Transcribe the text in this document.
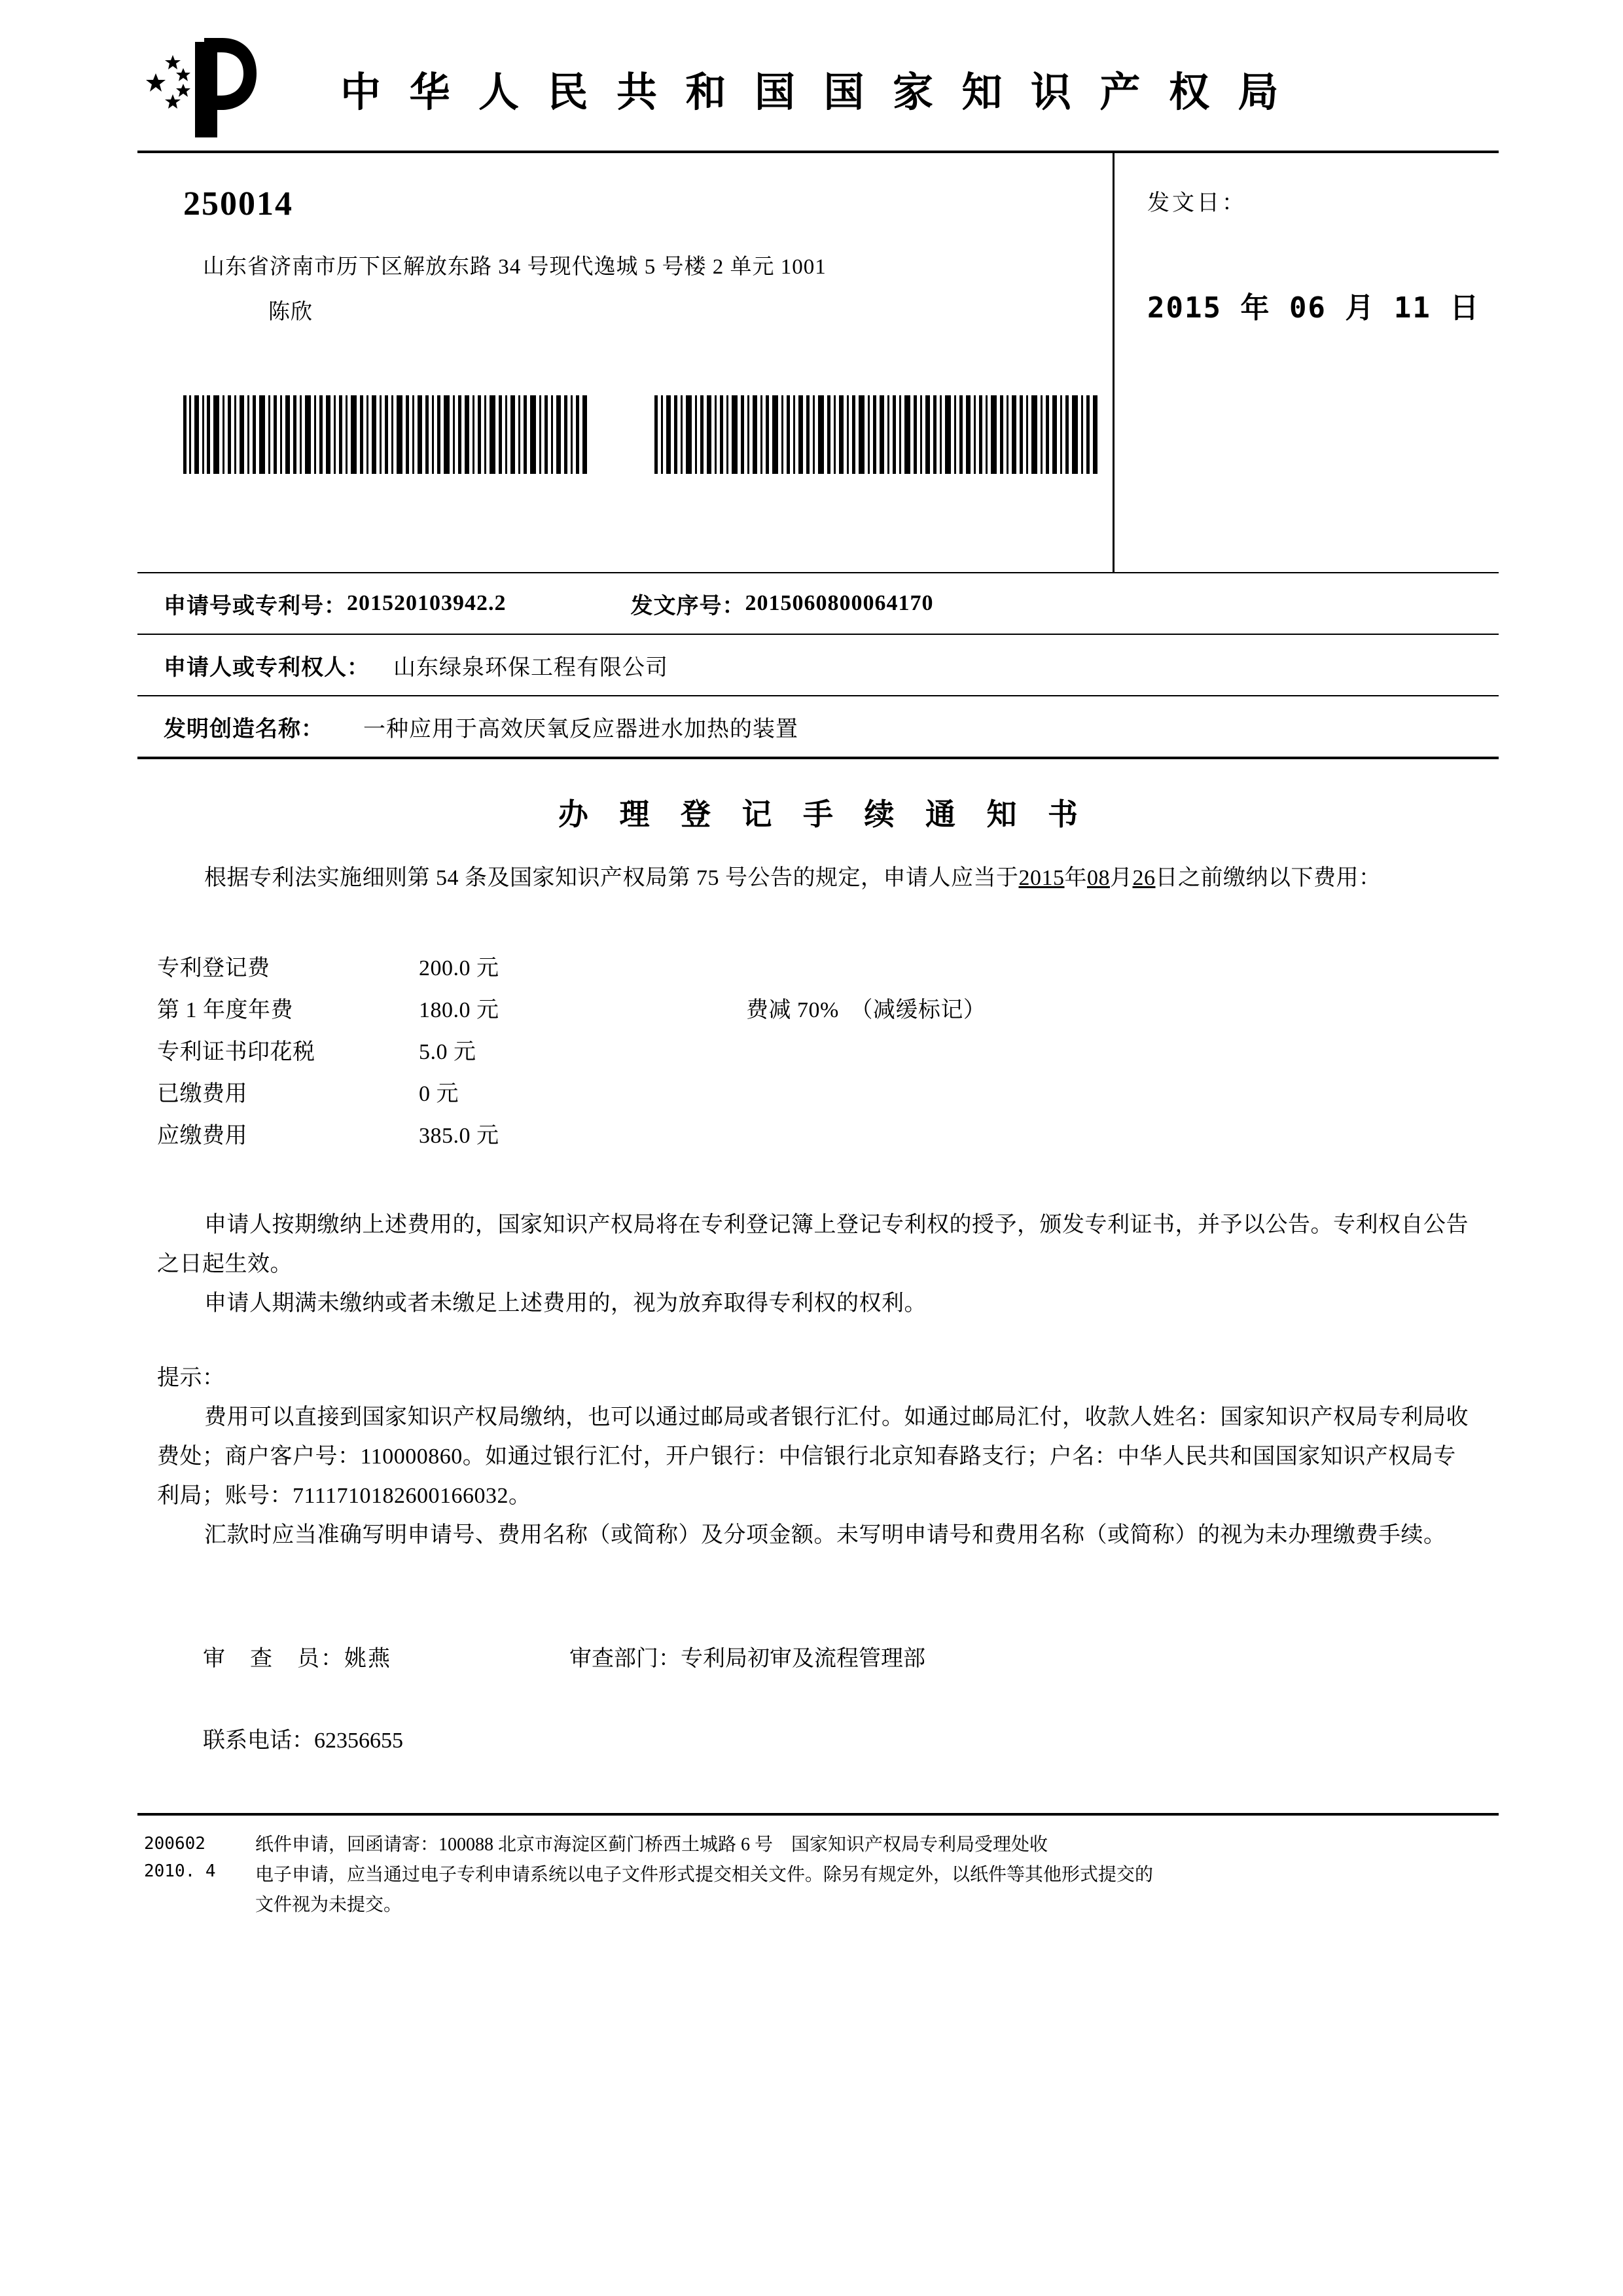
中 华 人 民 共 和 国 国 家 知 识 产 权 局
250014
山东省济南市历下区解放东路 34 号现代逸城 5 号楼 2 单元 1001
陈欣
发文日：
2015 年 06 月 11 日
申请号或专利号： 201520103942.2	发文序号： 2015060800064170
申请人或专利权人： 山东绿泉环保工程有限公司
发明创造名称： 一种应用于高效厌氧反应器进水加热的装置
办 理 登 记 手 续 通 知 书
根据专利法实施细则第 54 条及国家知识产权局第 75 号公告的规定，申请人应当于2015年08月26日之前缴纳以下费用：
专利登记费	200.0 元
第 1 年度年费	180.0 元	费减 70%　（减缓标记）
专利证书印花税	5.0 元
已缴费用	0 元
应缴费用	385.0 元
申请人按期缴纳上述费用的，国家知识产权局将在专利登记簿上登记专利权的授予，颁发专利证书，并予以公告。专利权自公告之日起生效。
申请人期满未缴纳或者未缴足上述费用的，视为放弃取得专利权的权利。
提示：
费用可以直接到国家知识产权局缴纳，也可以通过邮局或者银行汇付。如通过邮局汇付，收款人姓名：国家知识产权局专利局收费处；商户客户号：110000860。如通过银行汇付，开户银行：中信银行北京知春路支行；户名：中华人民共和国国家知识产权局专利局；账号：7111710182600166032。
汇款时应当准确写明申请号、费用名称（或简称）及分项金额。未写明申请号和费用名称（或简称）的视为未办理缴费手续。
审　查　员：姚燕	审查部门：专利局初审及流程管理部
联系电话：62356655
200602
2010. 4
纸件申请，回函请寄：100088 北京市海淀区蓟门桥西土城路 6 号　国家知识产权局专利局受理处收
电子申请，应当通过电子专利申请系统以电子文件形式提交相关文件。除另有规定外，以纸件等其他形式提交的
文件视为未提交。
